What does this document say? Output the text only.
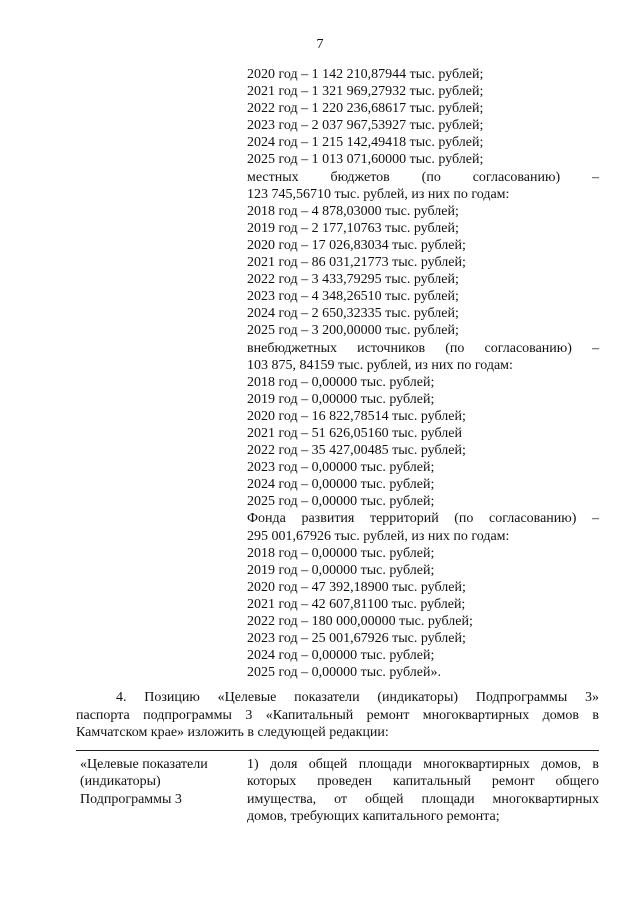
7
2020 год – 1 142 210,87944 тыс. рублей;
2021 год – 1 321 969,27932 тыс. рублей;
2022 год – 1 220 236,68617 тыс. рублей;
2023 год – 2 037 967,53927 тыс. рублей;
2024 год – 1 215 142,49418 тыс. рублей;
2025 год – 1 013 071,60000 тыс. рублей;
местных бюджетов (по согласованию) –
123 745,56710 тыс. рублей, из них по годам:
2018 год – 4 878,03000 тыс. рублей;
2019 год – 2 177,10763 тыс. рублей;
2020 год – 17 026,83034 тыс. рублей;
2021 год – 86 031,21773 тыс. рублей;
2022 год – 3 433,79295 тыс. рублей;
2023 год – 4 348,26510 тыс. рублей;
2024 год – 2 650,32335 тыс. рублей;
2025 год – 3 200,00000 тыс. рублей;
внебюджетных источников (по согласованию) –
103 875, 84159 тыс. рублей, из них по годам:
2018 год – 0,00000 тыс. рублей;
2019 год – 0,00000 тыс. рублей;
2020 год – 16 822,78514 тыс. рублей;
2021 год – 51 626,05160 тыс. рублей
2022 год – 35 427,00485 тыс. рублей;
2023 год – 0,00000 тыс. рублей;
2024 год – 0,00000 тыс. рублей;
2025 год – 0,00000 тыс. рублей;
Фонда развития территорий (по согласованию) –
295 001,67926 тыс. рублей, из них по годам:
2018 год – 0,00000 тыс. рублей;
2019 год – 0,00000 тыс. рублей;
2020 год – 47 392,18900 тыс. рублей;
2021 год – 42 607,81100 тыс. рублей;
2022 год – 180 000,00000 тыс. рублей;
2023 год – 25 001,67926 тыс. рублей;
2024 год – 0,00000 тыс. рублей;
2025 год – 0,00000 тыс. рублей».
4. Позицию «Целевые показатели (индикаторы) Подпрограммы 3»
паспорта подпрограммы 3 «Капитальный ремонт многоквартирных домов в
Камчатском крае» изложить в следующей редакции:
«Целевые показатели
(индикаторы)
Подпрограммы 3
1) доля общей площади многоквартирных домов, в
которых проведен капитальный ремонт общего
имущества, от общей площади многоквартирных
домов, требующих капитального ремонта;
